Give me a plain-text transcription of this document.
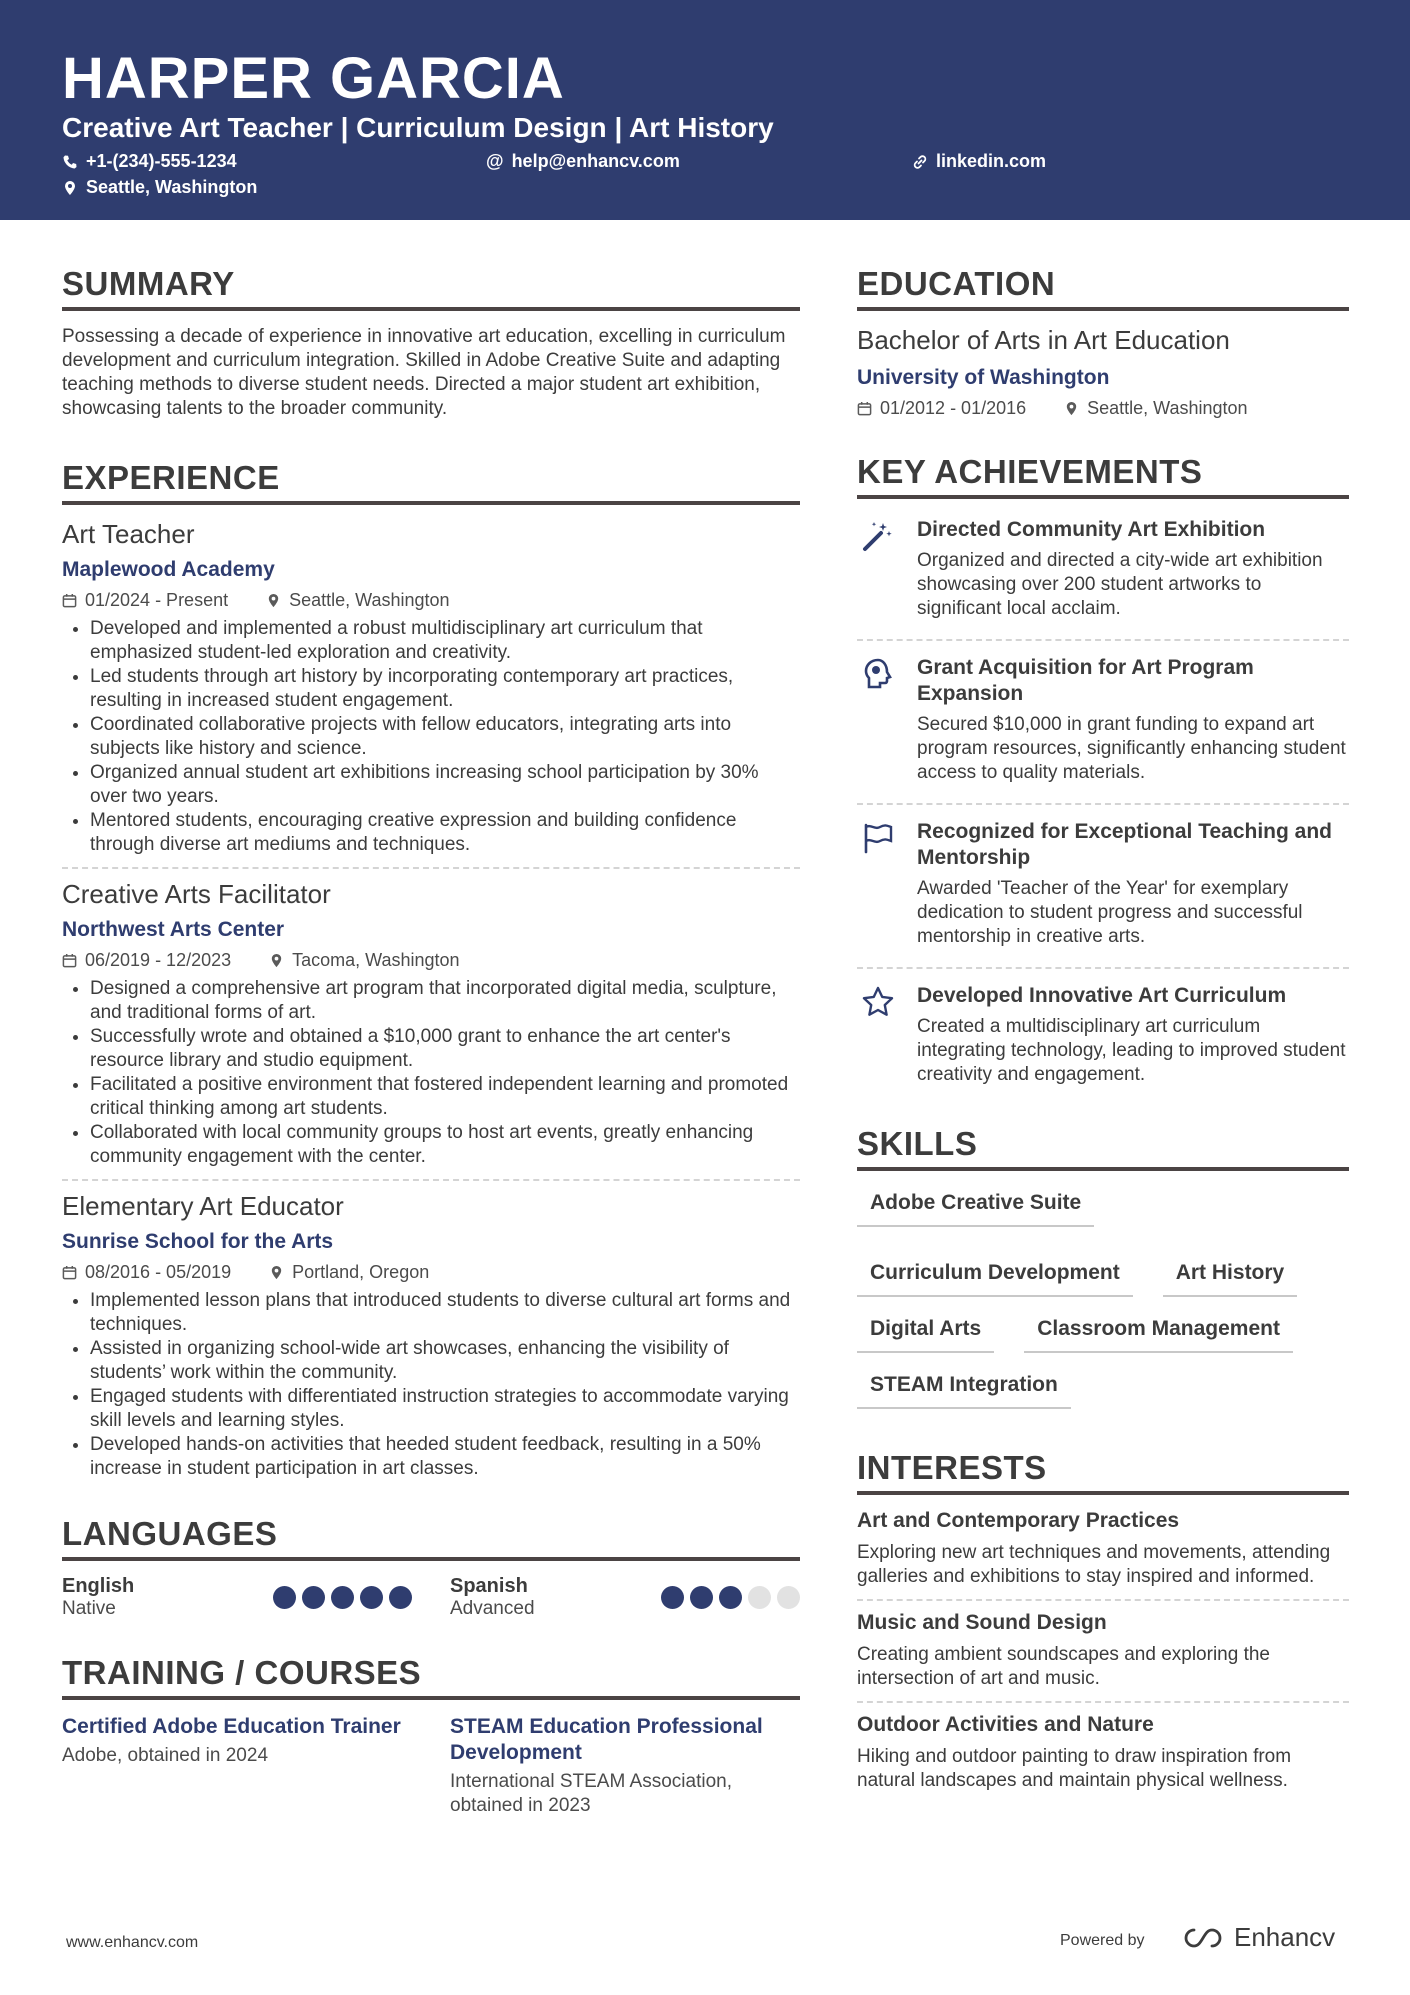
HARPER GARCIA
Creative Art Teacher | Curriculum Design | Art History
+1-(234)-555-1234	@ help@enhancv.com	linkedin.com
Seattle, Washington
SUMMARY

Possessing a decade of experience in innovative art education, excelling in curriculum development and curriculum integration. Skilled in Adobe Creative Suite and adapting teaching methods to diverse student needs. Directed a major student art exhibition, showcasing talents to the broader community.

EXPERIENCE
Art Teacher
Maplewood Academy
01/2024 - Present	Seattle, Washington
• Developed and implemented a robust multidisciplinary art curriculum that emphasized student-led exploration and creativity.
• Led students through art history by incorporating contemporary art practices, resulting in increased student engagement.
• Coordinated collaborative projects with fellow educators, integrating arts into subjects like history and science.
• Organized annual student art exhibitions increasing school participation by 30% over two years.
• Mentored students, encouraging creative expression and building confidence through diverse art mediums and techniques.
Creative Arts Facilitator
Northwest Arts Center
06/2019 - 12/2023	Tacoma, Washington
• Designed a comprehensive art program that incorporated digital media, sculpture, and traditional forms of art.
• Successfully wrote and obtained a $10,000 grant to enhance the art center's resource library and studio equipment.
• Facilitated a positive environment that fostered independent learning and promoted critical thinking among art students.
• Collaborated with local community groups to host art events, greatly enhancing community engagement with the center.
Elementary Art Educator
Sunrise School for the Arts
08/2016 - 05/2019	Portland, Oregon
• Implemented lesson plans that introduced students to diverse cultural art forms and techniques.
• Assisted in organizing school-wide art showcases, enhancing the visibility of students’ work within the community.
• Engaged students with differentiated instruction strategies to accommodate varying skill levels and learning styles.
• Developed hands-on activities that heeded student feedback, resulting in a 50% increase in student participation in art classes.
LANGUAGES
English
Native
Spanish
Advanced
TRAINING / COURSES
Certified Adobe Education Trainer
Adobe, obtained in 2024
STEAM Education Professional Development
International STEAM Association, obtained in 2023
EDUCATION
Bachelor of Arts in Art Education
University of Washington
01/2012 - 01/2016	Seattle, Washington
KEY ACHIEVEMENTS
Directed Community Art Exhibition
Organized and directed a city-wide art exhibition showcasing over 200 student artworks to significant local acclaim.
Grant Acquisition for Art Program Expansion
Secured $10,000 in grant funding to expand art program resources, significantly enhancing student access to quality materials.
Recognized for Exceptional Teaching and Mentorship
Awarded 'Teacher of the Year' for exemplary dedication to student progress and successful mentorship in creative arts.
Developed Innovative Art Curriculum
Created a multidisciplinary art curriculum integrating technology, leading to improved student creativity and engagement.
SKILLS
Adobe Creative Suite
Curriculum Development	Art History
Digital Arts	Classroom Management
STEAM Integration
INTERESTS
Art and Contemporary Practices

Exploring new art techniques and movements, attending galleries and exhibitions to stay inspired and informed.

Music and Sound Design

Creating ambient soundscapes and exploring the intersection of art and music.

Outdoor Activities and Nature

Hiking and outdoor painting to draw inspiration from natural landscapes and maintain physical wellness.

www.enhancv.com	Powered by	Enhancv
